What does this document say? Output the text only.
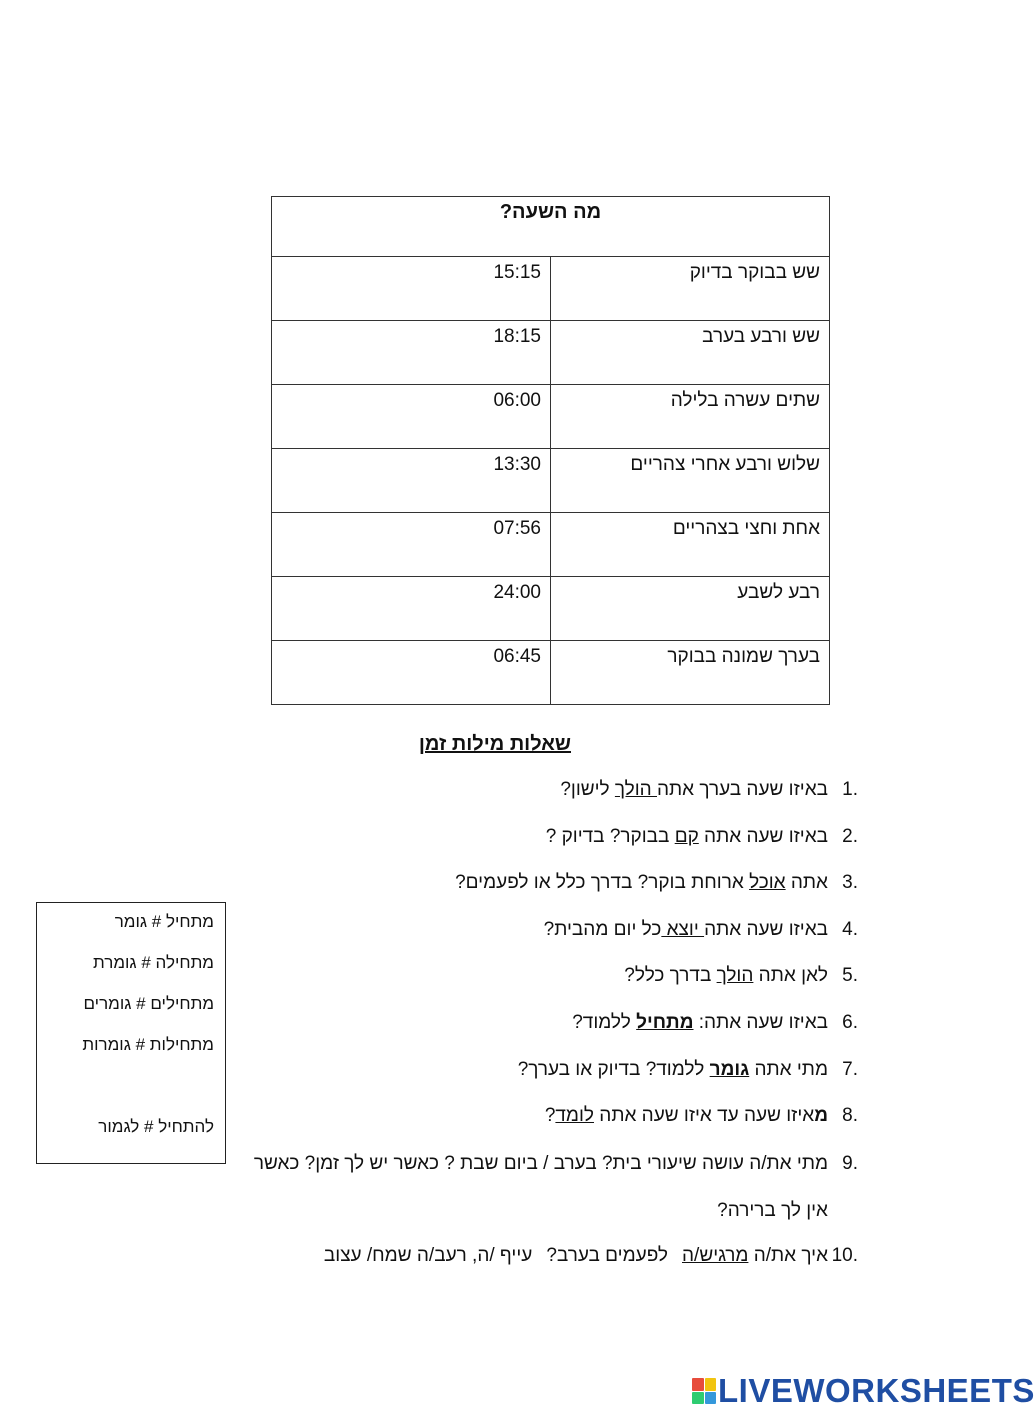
מה השעה?	
שש בבוקר בדיוק	15:15
שש ורבע בערב	18:15
שתים עשרה בלילה	06:00
שלוש ורבע אחרי צהריים	13:30
אחת וחצי בצהריים	07:56
רבע לשבע	24:00
בערך שמונה בבוקר	06:45
שאלות מילות זמן
1.
באיזו שעה בערך אתה הולך לישון?
2.
באיזו שעה אתה קם בבוקר? בדיוק ?
3.
אתה אוכל ארוחת בוקר? בדרך כלל או לפעמים?
4.
באיזו שעה אתה יוצא כל יום מהבית?
5.
לאן אתה הולך בדרך כלל?
6.
באיזו שעה אתה: מתחיל ללמוד?
7.
מתי אתה גומר ללמוד? בדיוק או בערך?
8.
מאיזו שעה עד איזו שעה אתה לומד?
9.
מתי את/ה עושה שיעורי בית? בערב / ביום שבת ? כאשר יש לך זמן? כאשר אין לך ברירה?
10.
איך את/ה מרגיש/הלפעמים בערב?עייף /ה, רעב/ה שמח/ עצוב
מתחיל # גומר
מתחילה # גומרת
מתחילים # גומרים
מתחילות # גומרות
להתחיל # לגמור
LIVEWORKSHEETS
